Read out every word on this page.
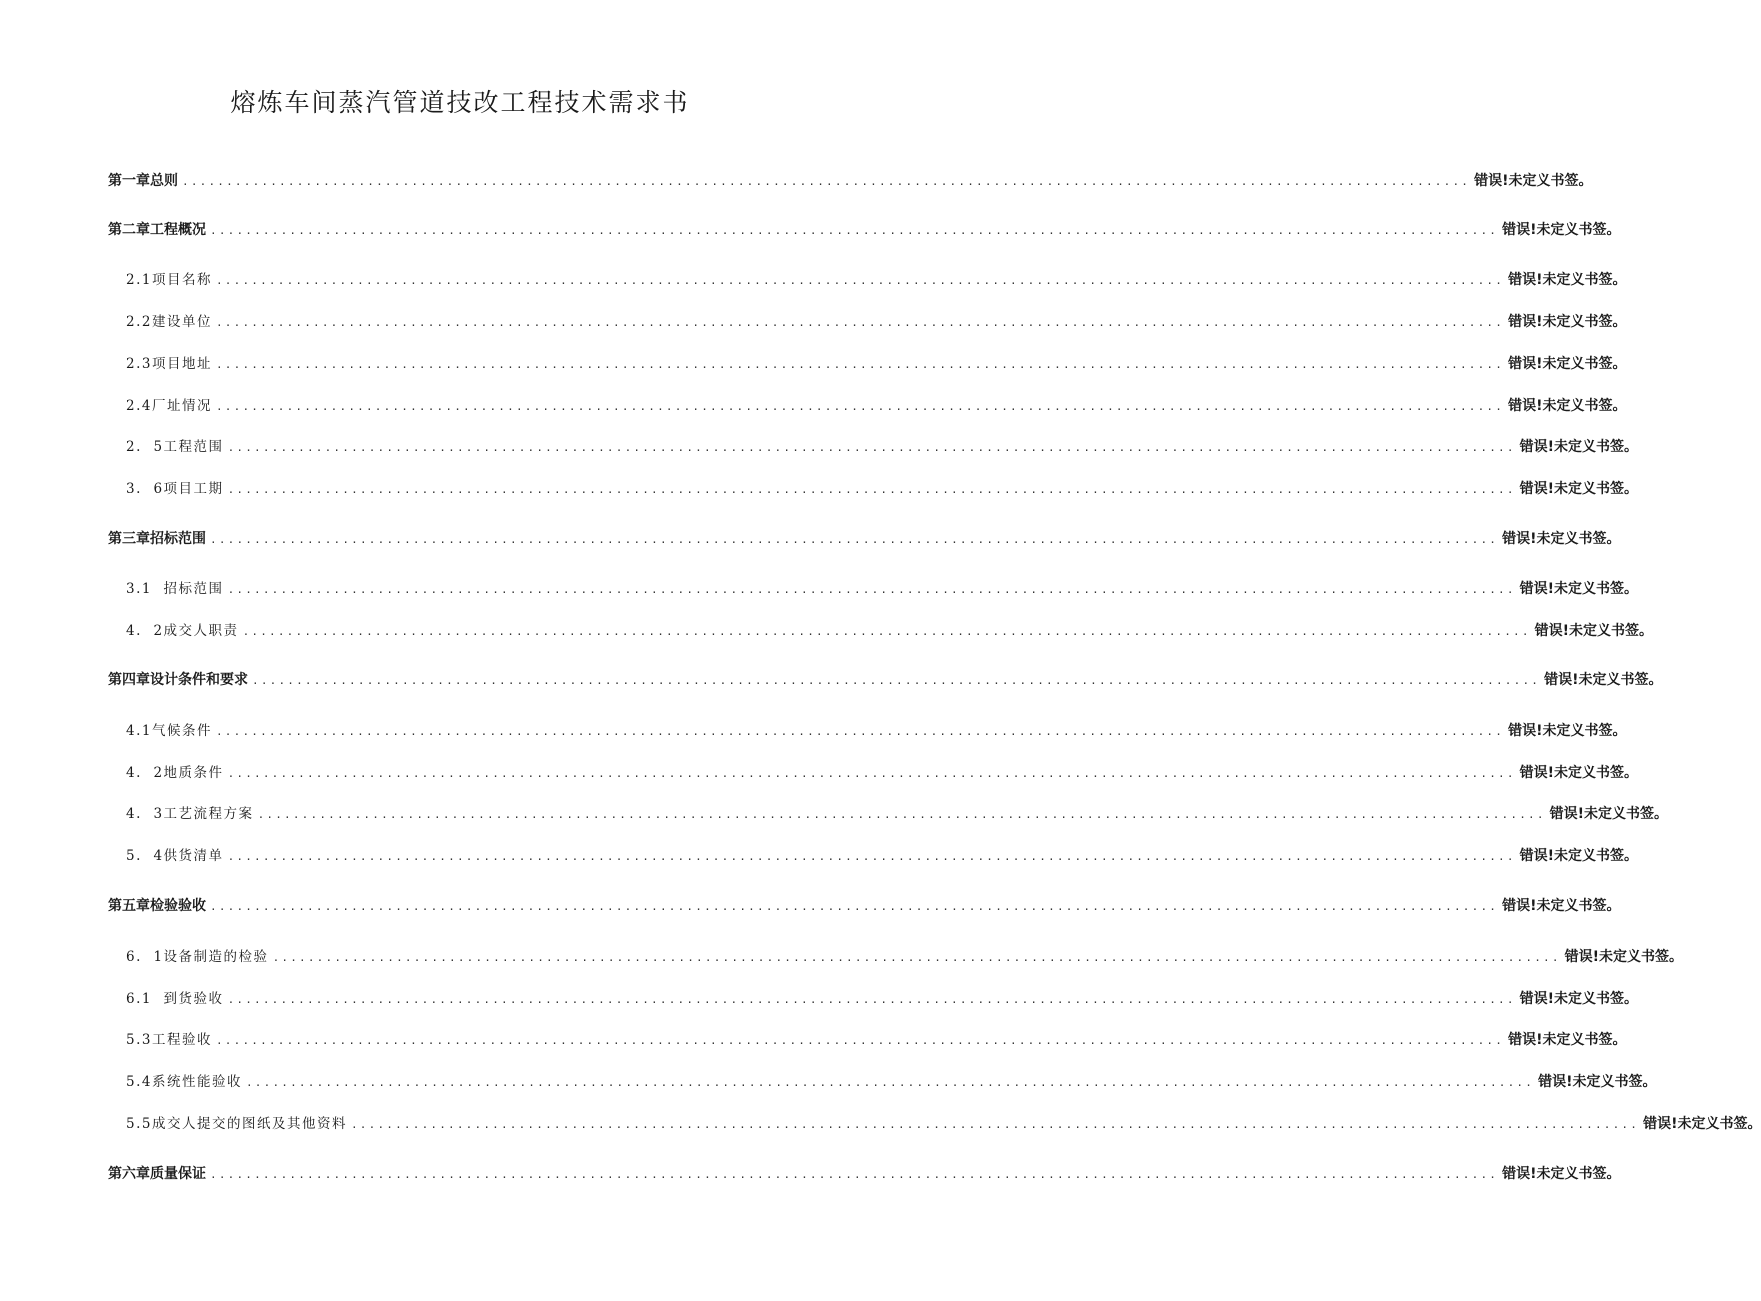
熔炼车间蒸汽管道技改工程技术需求书
第一章总则 .................................................................................................................................................. 错误!未定义书签。
第二章工程概况 .................................................................................................................................................. 错误!未定义书签。
2.1项目名称 .................................................................................................................................................. 错误!未定义书签。
2.2建设单位 .................................................................................................................................................. 错误!未定义书签。
2.3项目地址 .................................................................................................................................................. 错误!未定义书签。
2.4厂址情况 .................................................................................................................................................. 错误!未定义书签。
2.  5工程范围 .................................................................................................................................................. 错误!未定义书签。
3.  6项目工期 .................................................................................................................................................. 错误!未定义书签。
第三章招标范围 .................................................................................................................................................. 错误!未定义书签。
3.1  招标范围 .................................................................................................................................................. 错误!未定义书签。
4.  2成交人职责 .................................................................................................................................................. 错误!未定义书签。
第四章设计条件和要求 .................................................................................................................................................. 错误!未定义书签。
4.1气候条件 .................................................................................................................................................. 错误!未定义书签。
4.  2地质条件 .................................................................................................................................................. 错误!未定义书签。
4.  3工艺流程方案 .................................................................................................................................................. 错误!未定义书签。
5.  4供货清单 .................................................................................................................................................. 错误!未定义书签。
第五章检验验收 .................................................................................................................................................. 错误!未定义书签。
6.  1设备制造的检验 .................................................................................................................................................. 错误!未定义书签。
6.1  到货验收 .................................................................................................................................................. 错误!未定义书签。
5.3工程验收 .................................................................................................................................................. 错误!未定义书签。
5.4系统性能验收 .................................................................................................................................................. 错误!未定义书签。
5.5成交人提交的图纸及其他资料 .................................................................................................................................................. 错误!未定义书签。
第六章质量保证 .................................................................................................................................................. 错误!未定义书签。
